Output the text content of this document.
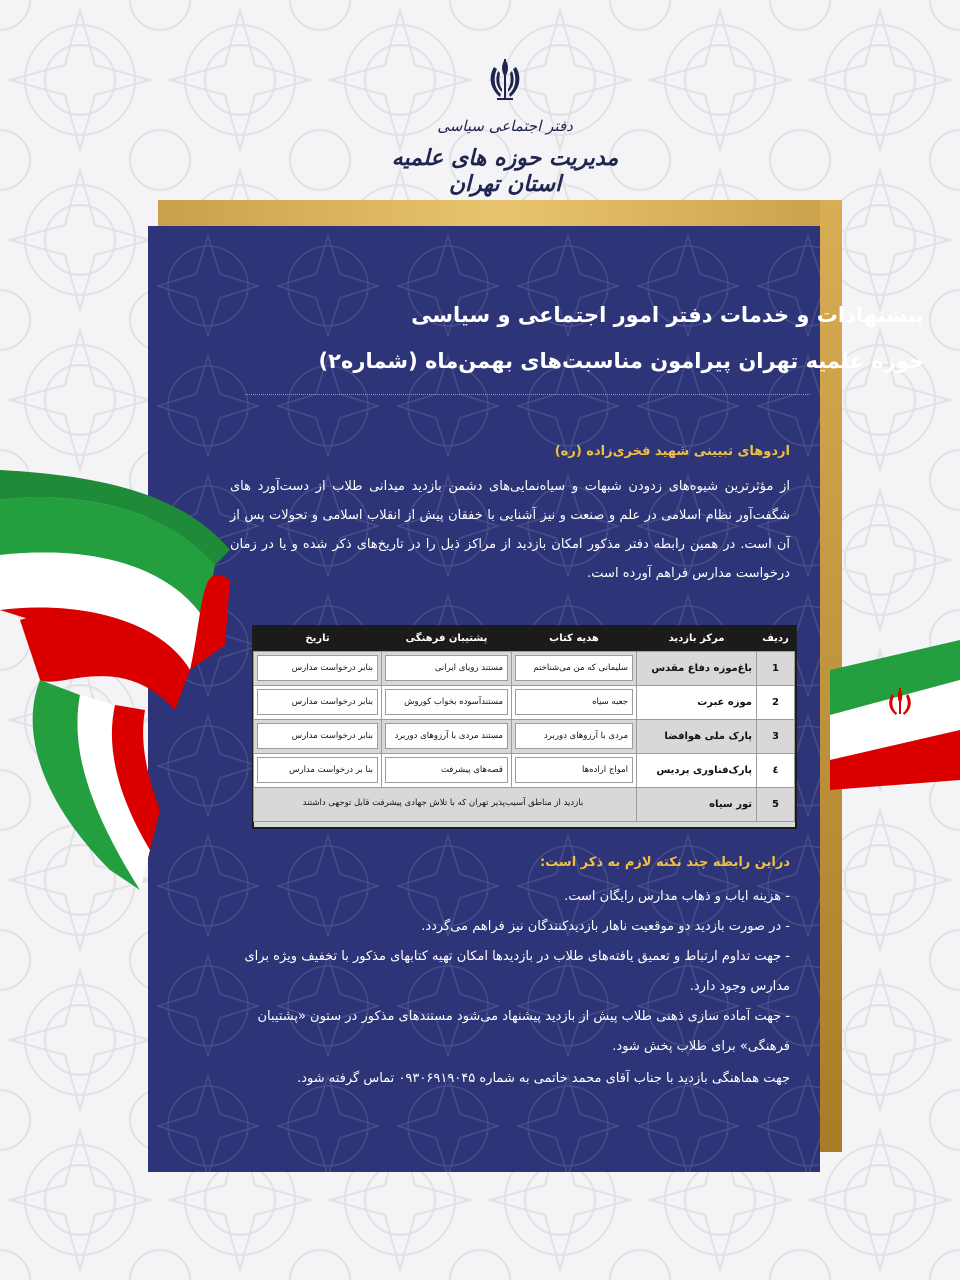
دفتر اجتماعی سیاسی
مدیریت حوزه های علمیه استان تهران
پیشنهادات و خدمات دفتر امور اجتماعی و سیاسی
حوزه علمیه تهران پیرامون مناسبت‌های بهمن‌ماه (شماره۲)
اردوهای تبیینی شهید فخری‌زاده (ره)
از مؤثرترین شیوه‌های زدودن شبهات و سیاه‌نمایی‌های دشمن بازدید میدانی طلاب از دست‌آورد های شگفت‌آور نظام اسلامی در علم و صنعت و نیز آشنایی با خفقان پیش از انقلاب اسلامی و تحولات پس از آن است. در همین رابطه دفتر مذکور امکان بازدید از مراکز ذیل را در تاریخ‌های ذکر شده و یا در زمان درخواست مدارس فراهم آورده است.
ردیف	مرکز بازدید	هدیه کتاب	پشتیبان فرهنگی	تاریخ
1	باغ‌موزه دفاع مقدس	سلیمانی که من می‌شناختم	مستند رویای ایرانی	بنابر درخواست مدارس

2	موزه عبرت	جعبه سیاه	مستندآسوده بخواب کوروش	بنابر درخواست مدارس

3	پارک ملی هوافضا	مردی با آرزوهای دوربرد	مستند مردی با آرزوهای دوربرد	بنابر درخواست مدارس

٤	پارک‌فناوری پردیس	امواج اراده‌ها	قصه‌های پیشرفت	بنا بر درخواست مدارس

5	تور سیاه	بازدید از مناطق آسیب‌پذیر تهران که با تلاش جهادی پیشرفت قابل توجهی داشتند		
دراین رابطه چند نکته لازم به ذکر است:
- هزینه ایاب و ذهاب مدارس رایگان است.
- در صورت بازدید دو موقعیت ناهار بازدیدکنندگان نیز فراهم می‌گردد.
- جهت تداوم ارتباط و تعمیق یافته‌های طلاب در بازدیدها امکان تهیه کتابهای مذکور با تخفیف ویژه برای مدارس وجود دارد.
- جهت آماده سازی ذهنی طلاب پیش از بازدید پیشنهاد می‌شود مستندهای مذکور در ستون «پشتیبان فرهنگی» برای طلاب پخش شود.
جهت هماهنگی بازدید با جناب آقای محمد خاتمی به شماره ۰۹۳۰۶۹۱۹۰۴۵ تماس گرفته شود.
